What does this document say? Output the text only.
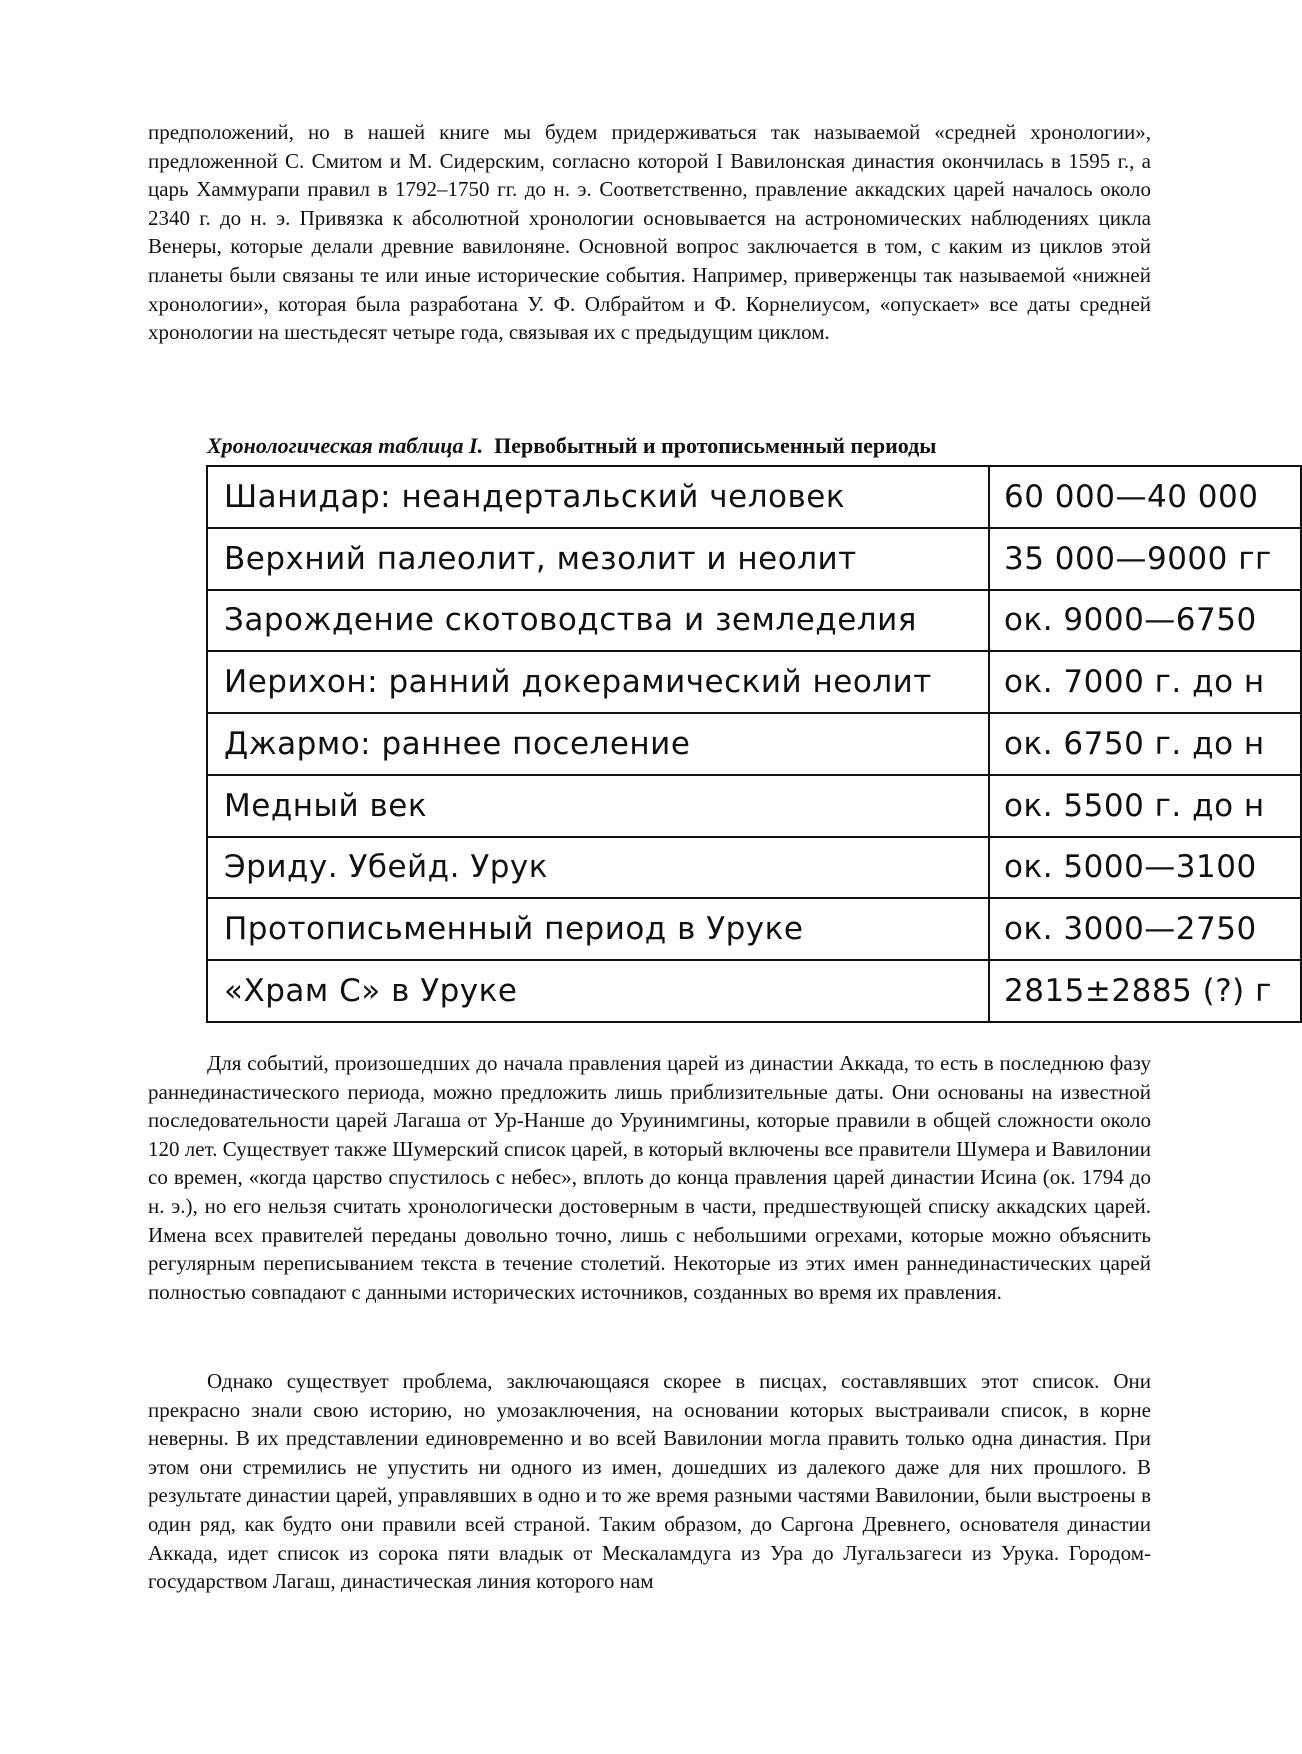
предположений, но в нашей книге мы будем придерживаться так называемой «средней хронологии», предложенной С. Смитом и М. Сидерским, согласно которой I Вавилонская династия окончилась в 1595 г., а царь Хаммурапи правил в 1792–1750 гг. до н. э. Соответственно, правление аккадских царей началось около 2340 г. до н. э. Привязка к абсолютной хронологии основывается на астрономических наблюдениях цикла Венеры, которые делали древние вавилоняне. Основной вопрос заключается в том, с каким из циклов этой планеты были связаны те или иные исторические события. Например, приверженцы так называемой «нижней хронологии», которая была разработана У. Ф. Олбрайтом и Ф. Корнелиусом, «опускает» все даты средней хронологии на шестьдесят четыре года, связывая их с предыдущим циклом.

Хронологическая таблица I. Первобытный и протописьменный периоды
Шанидар: неандертальский человек	60 000—40 000
Верхний палеолит, мезолит и неолит	35 000—9000 гг
Зарождение скотоводства и земледелия	ок. 9000—6750
Иерихон: ранний докерамический неолит	ок. 7000 г. до н
Джармо: раннее поселение	ок. 6750 г. до н
Медный век	ок. 5500 г. до н
Эриду. Убейд. Урук	ок. 5000—3100
Протописьменный период в Уруке	ок. 3000—2750
«Храм С» в Уруке	2815±2885 (?) г

Для событий, произошедших до начала правления царей из династии Аккада, то есть в последнюю фазу раннединастического периода, можно предложить лишь приблизительные даты. Они основаны на известной последовательности царей Лагаша от Ур-Нанше до Уруинимгины, которые правили в общей сложности около 120 лет. Существует также Шумерский список царей, в который включены все правители Шумера и Вавилонии со времен, «когда царство спустилось с небес», вплоть до конца правления царей династии Исина (ок. 1794 до н. э.), но его нельзя считать хронологически достоверным в части, предшествующей списку аккадских царей. Имена всех правителей переданы довольно точно, лишь с небольшими огрехами, которые можно объяснить регулярным переписыванием текста в течение столетий. Некоторые из этих имен раннединастических царей полностью совпадают с данными исторических источников, созданных во время их правления.

Однако существует проблема, заключающаяся скорее в писцах, составлявших этот список. Они прекрасно знали свою историю, но умозаключения, на основании которых выстраивали список, в корне неверны. В их представлении единовременно и во всей Вавилонии могла править только одна династия. При этом они стремились не упустить ни одного из имен, дошедших из далекого даже для них прошлого. В результате династии царей, управлявших в одно и то же время разными частями Вавилонии, были выстроены в один ряд, как будто они правили всей страной. Таким образом, до Саргона Древнего, основателя династии Аккада, идет список из сорока пяти владык от Мескаламдуга из Ура до Лугальзагеси из Урука. Городом-государством Лагаш, династическая линия которого нам
